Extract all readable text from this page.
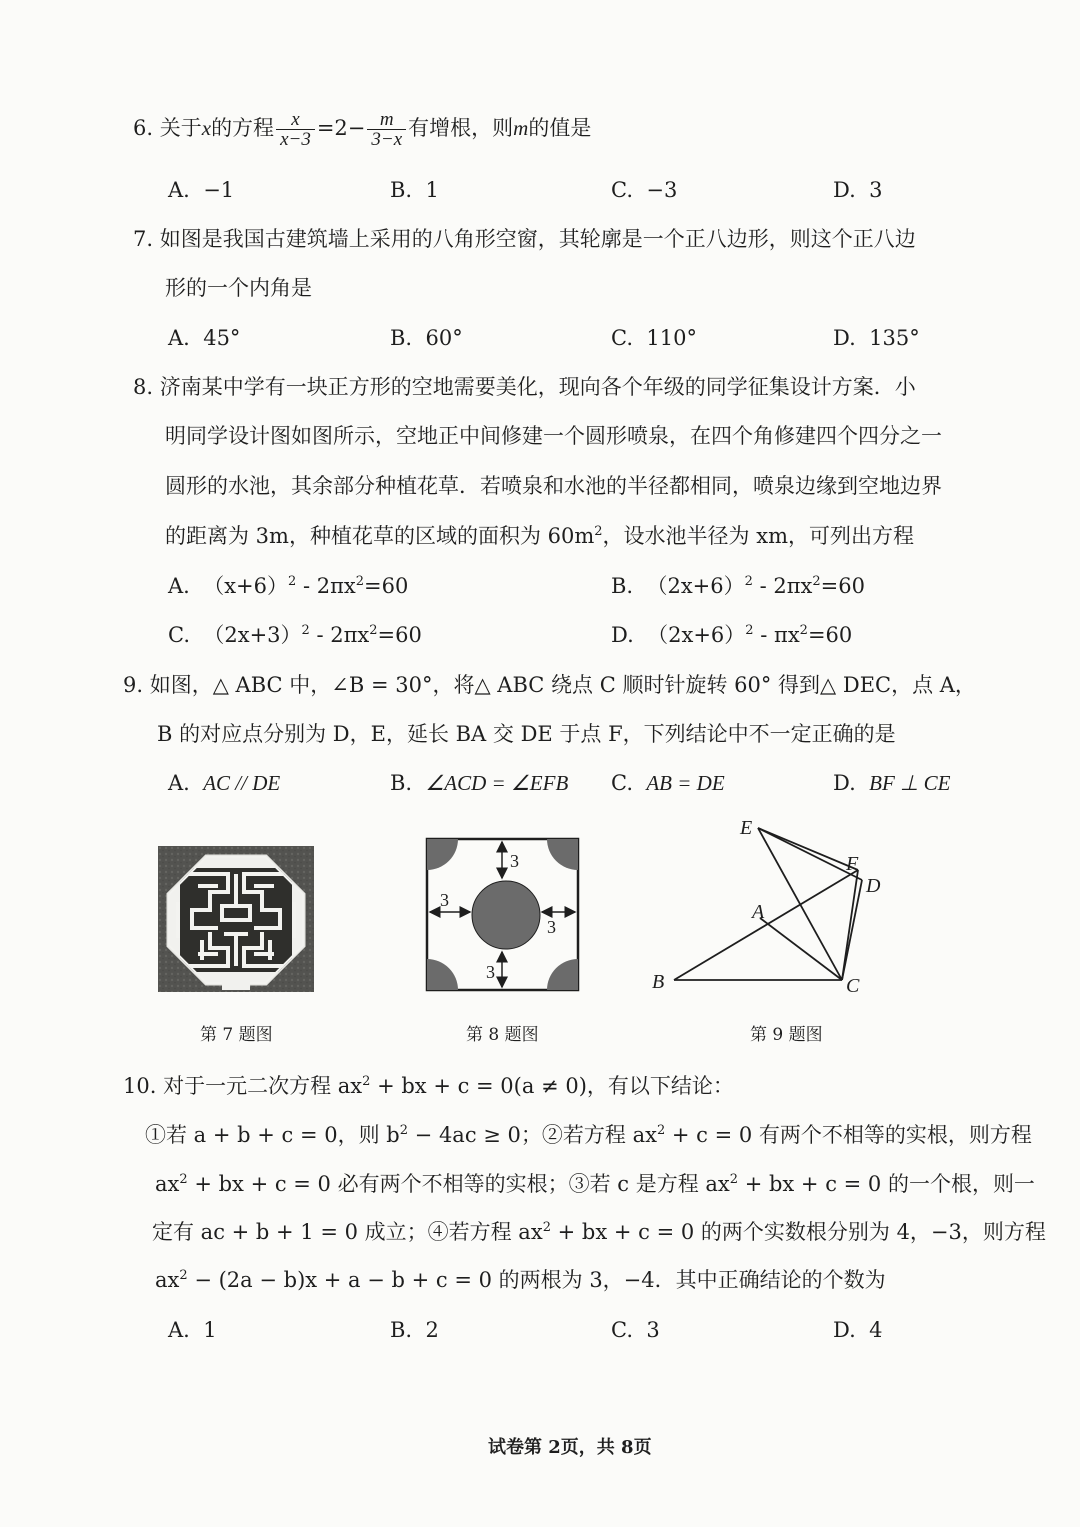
6. 关于x的方程 $\frac{x}{x-3} =2- \frac{m}{3-x}$ 有增根，则m的值是
A. −1	B. 1	C. −3	D. 3
7. 如图是我国古建筑墙上采用的八角形空窗，其轮廓是一个正八边形，则这个正八边
形的一个内角是
A. 45°	B. 60°	C. 110°	D. 135°
8. 济南某中学有一块正方形的空地需要美化，现向各个年级的同学征集设计方案．小
明同学设计图如图所示，空地正中间修建一个圆形喷泉，在四个角修建四个四分之一
圆形的水池，其余部分种植花草．若喷泉和水池的半径都相同，喷泉边缘到空地边界
的距离为 3m，种植花草的区域的面积为 $60m^2$，设水池半径为 xm，可列出方程
A. $(x+6)^2 - 2\pi x^2=60$	B. $(2x+6)^2 - 2\pi x^2=60$
C. $(2x+3)^2 - 2\pi x^2=60$	D. $(2x+6)^2 - \pi x^2=60$
9. 如图，△ ABC 中，∠B = 30°，将△ ABC 绕点 C 顺时针旋转 60° 得到△ DEC，点 A，
B 的对应点分别为 D，E，延长 BA 交 DE 于点 F，下列结论中不一定正确的是
A. AC // DE	B. ∠ACD = ∠EFB C. AB = DE	D. BF ⊥ CE
第 7 题图
3
3
3
3
第 8 题图
E
F
D
A
B	C
第 9 题图
10. 对于一元二次方程 $ax^2$ + bx + c = 0(a ≠ 0)，有以下结论：
①若 a + b + c = 0，则 $b^2 - 4ac \ge 0$；②若方程 $ax^2 + c = 0$ 有两个不相等的实根，则方程
$ax^2$ + bx + c = 0 必有两个不相等的实根；③若 c 是方程 $ax^2$ + bx + c = 0 的一个根，则一
定有 ac + b + 1 = 0 成立；④若方程 $ax^2$ + bx + c = 0 的两个实数根分别为 4，−3，则方程
$ax^2 - (2a - b)x + a - b + c = 0$ 的两根为 3，−4．其中正确结论的个数为
A. 1	B. 2	C. 3	D. 4
试卷第 2页，共 8页
